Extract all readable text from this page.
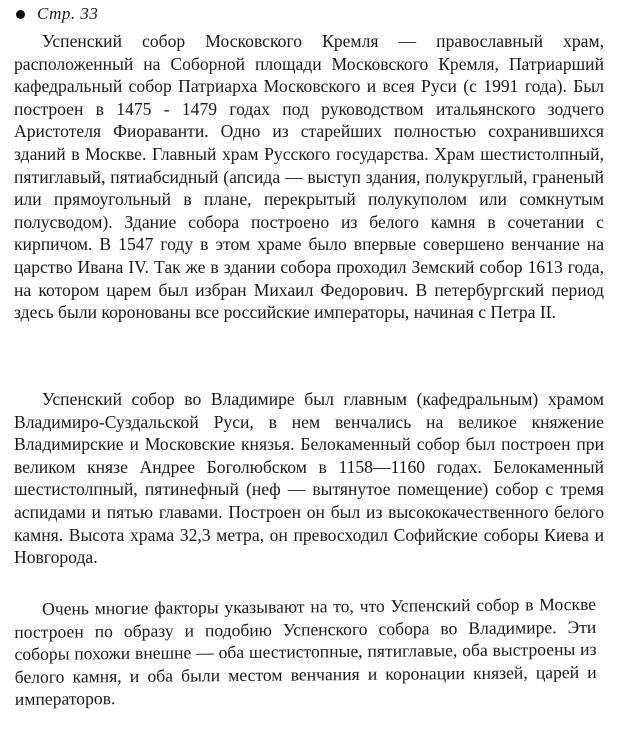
Стр. 33

Успенский собор Московского Кремля — православный храм, расположенный на Соборной площади Московского Кремля, Патриарший кафедральный собор Патриарха Московского и всея Руси (с 1991 года). Был построен в 1475 - 1479 годах под руководством итальянского зодчего Аристотеля Фиораванти. Одно из старейших полностью сохранившихся зданий в Москве. Главный храм Русского государства. Храм шестистолпный, пятиглавый, пятиабсидный (апсида — выступ здания, полукруглый, граненый или прямоугольный в плане, перекрытый полукуполом или сомкнутым полусводом). Здание собора построено из белого камня в сочетании с кирпичом. В 1547 году в этом храме было впервые совершено венчание на царство Ивана IV. Так же в здании собора проходил Земский собор 1613 года, на котором царем был избран Михаил Федорович. В петербургский период здесь были коронованы все российские императоры, начиная с Петра II.

Успенский собор во Владимире был главным (кафедральным) храмом Владимиро-Суздальской Руси, в нем венчались на великое княжение Владимирские и Московские князья. Белокаменный собор был построен при великом князе Андрее Боголюбском в 1158—1160 годах. Белокаменный шестистолпный, пятинефный (неф — вытянутое помещение) собор с тремя аспидами и пятью главами. Построен он был из высококачественного белого камня. Высота храма 32,3 метра, он превосходил Софийские соборы Киева и Новгорода.

Очень многие факторы указывают на то, что Успенский собор в Москве построен по образу и подобию Успенского собора во Владимире. Эти соборы похожи внешне — оба шестистопные, пятиглавые, оба выстроены из белого камня, и оба были местом венчания и коронации князей, царей и императоров.
